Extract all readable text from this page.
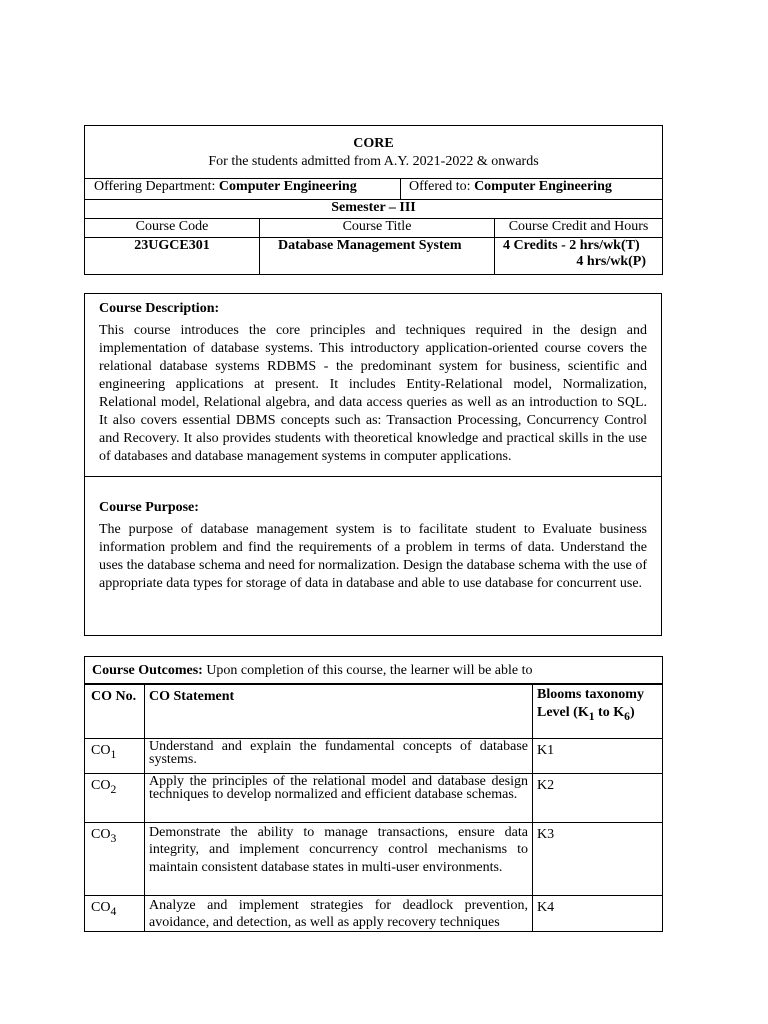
CORE
For the students admitted from A.Y. 2021-2022 & onwards			

Offering Department: Computer Engineering		Offered to: Computer Engineering	
Semester – III			
Course Code	Course Title		Course Credit and Hours
23UGCE301	Database Management System		4 Credits - 2 hrs/wk(T)
4 hrs/wk(P)
Course Description:

This course introduces the core principles and techniques required in the design and implementation of database systems. This introductory application-oriented course covers the relational database systems RDBMS - the predominant system for business, scientific and engineering applications at present. It includes Entity-Relational model, Normalization, Relational model, Relational algebra, and data access queries as well as an introduction to SQL. It also covers essential DBMS concepts such as: Transaction Processing, Concurrency Control and Recovery. It also provides students with theoretical knowledge and practical skills in the use of databases and database management systems in computer applications.

Course Purpose:

The purpose of database management system is to facilitate student to Evaluate business information problem and find the requirements of a problem in terms of data. Understand the uses the database schema and need for normalization. Design the database schema with the use of appropriate data types for storage of data in database and able to use database for concurrent use.

Course Outcomes: Upon completion of this course, the learner will be able to		
CO No.	CO Statement	Blooms taxonomy Level ($K_1$ to $K_6$)
$CO_1$	Understand and explain the fundamental concepts of database systems.	K1
$CO_2$	Apply the principles of the relational model and database design techniques to develop normalized and efficient database schemas.	K2
$CO_3$	Demonstrate the ability to manage transactions, ensure data integrity, and implement concurrency control mechanisms to maintain consistent database states in multi-user environments.	K3
$CO_4$	Analyze and implement strategies for deadlock prevention, avoidance, and detection, as well as apply recovery techniques	K4
